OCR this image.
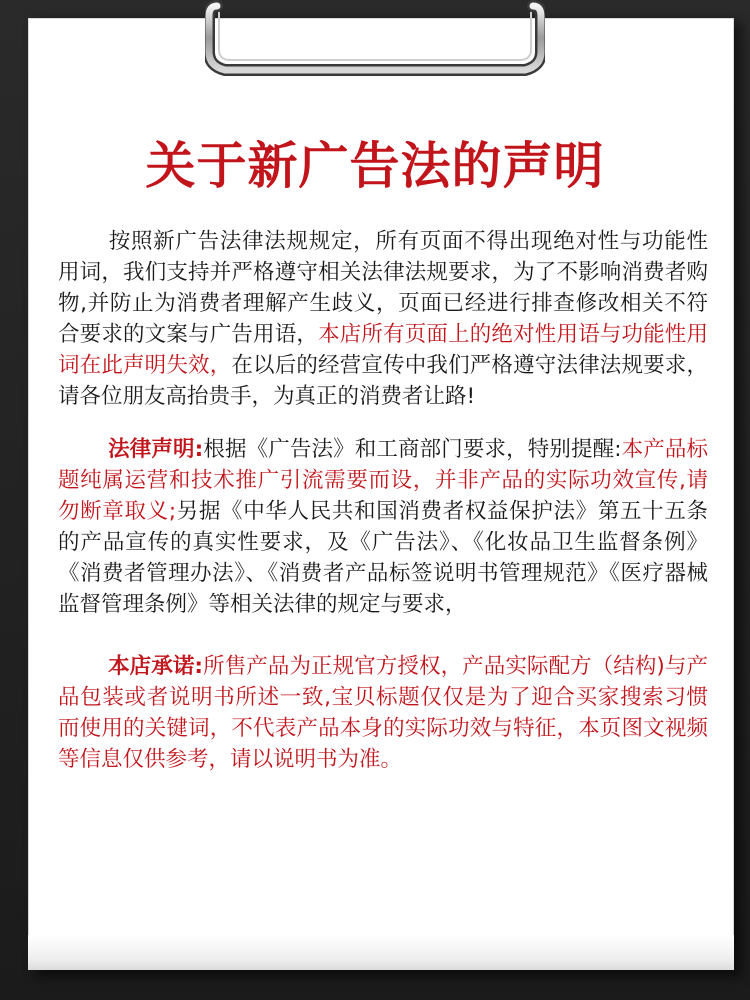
关于新广告法的声明
按照新广告法律法规规定，所有页面不得出现绝对性与功能性用词，我们支持并严格遵守相关法律法规要求，为了不影响消费者购物,并防止为消费者理解产生歧义，页面已经进行排查修改相关不符合要求的文案与广告用语，本店所有页面上的绝对性用语与功能性用词在此声明失效，在以后的经营宣传中我们严格遵守法律法规要求，请各位朋友高抬贵手，为真正的消费者让路!
法律声明:根据《广告法》和工商部门要求，特别提醒:本产品标题纯属运营和技术推广引流需要而设，并非产品的实际功效宣传,请勿断章取义;另据《中华人民共和国消费者权益保护法》第五十五条的产品宣传的真实性要求，及《广告法》、《化妆品卫生监督条例》《消费者管理办法》、《消费者产品标签说明书管理规范》《医疗器械监督管理条例》等相关法律的规定与要求，
本店承诺:所售产品为正规官方授权，产品实际配方（结构)与产品包装或者说明书所述一致,宝贝标题仅仅是为了迎合买家搜索习惯而使用的关键词，不代表产品本身的实际功效与特征，本页图文视频等信息仅供参考，请以说明书为准。
